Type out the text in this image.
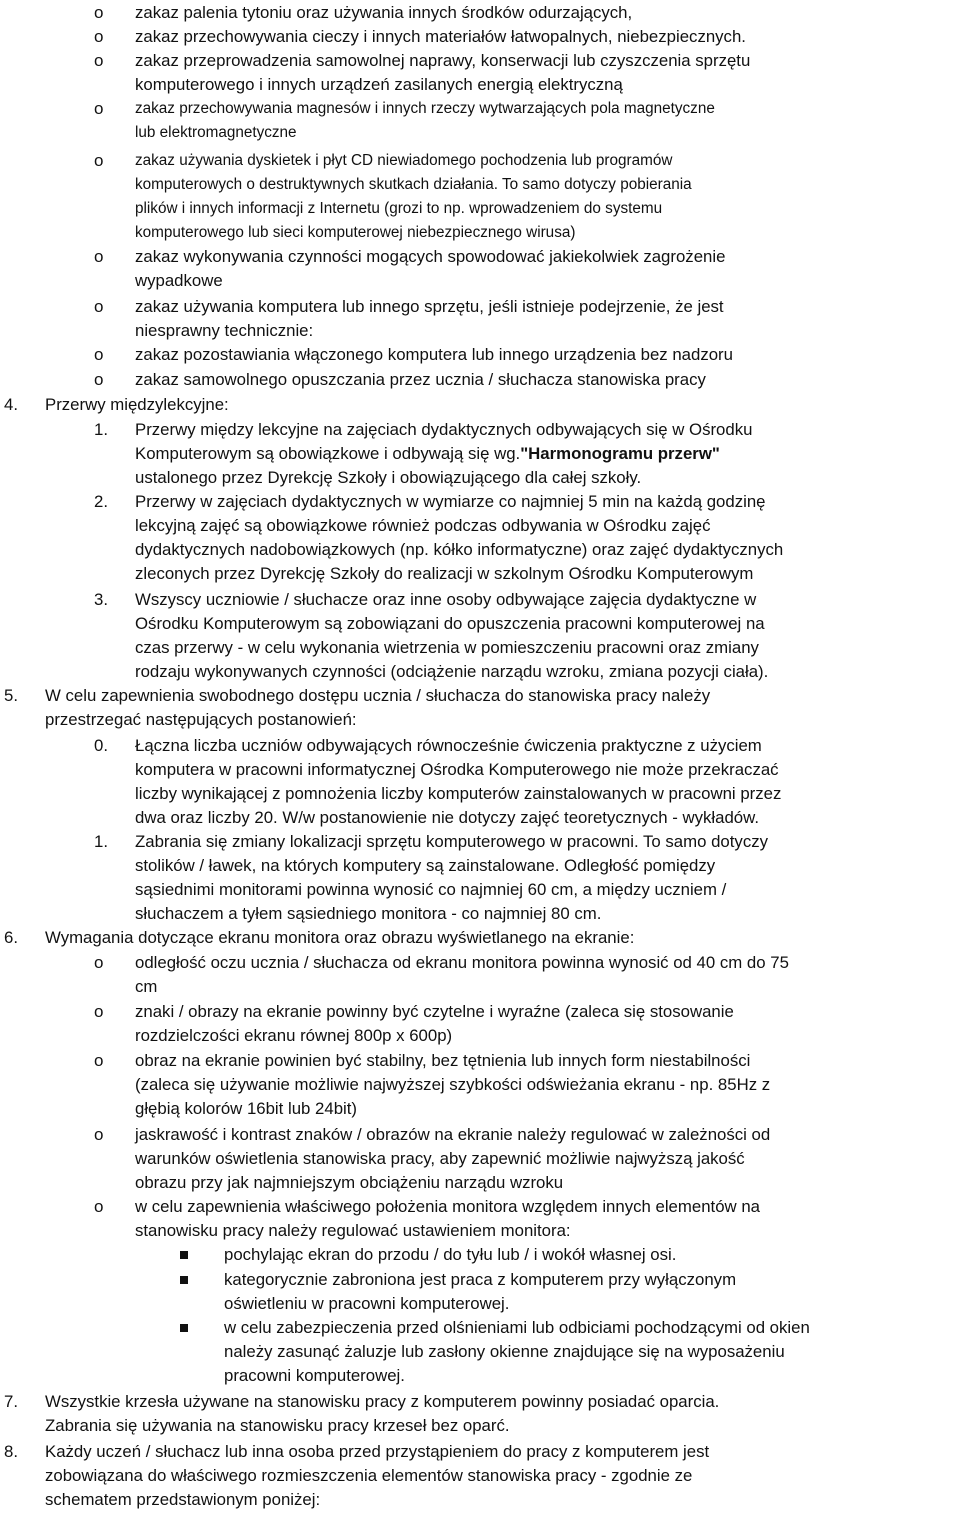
o zakaz palenia tytoniu oraz używania innych środków odurzających,
o zakaz przechowywania cieczy i innych materiałów łatwopalnych, niebezpiecznych.
o zakaz przeprowadzenia samowolnej naprawy, konserwacji lub czyszczenia sprzętu
komputerowego i innych urządzeń zasilanych energią elektryczną
o zakaz przechowywania magnesów i innych rzeczy wytwarzających pola magnetyczne
lub elektromagnetyczne
o zakaz używania dyskietek i płyt CD niewiadomego pochodzenia lub programów
komputerowych o destruktywnych skutkach działania. To samo dotyczy pobierania
plików i innych informacji z Internetu (grozi to np. wprowadzeniem do systemu
komputerowego lub sieci komputerowej niebezpiecznego wirusa)
o zakaz wykonywania czynności mogących spowodować jakiekolwiek zagrożenie
wypadkowe
o zakaz używania komputera lub innego sprzętu, jeśli istnieje podejrzenie, że jest
niesprawny technicznie:
o zakaz pozostawiania włączonego komputera lub innego urządzenia bez nadzoru
o zakaz samowolnego opuszczania przez ucznia / słuchacza stanowiska pracy
4. Przerwy międzylekcyjne:
1. Przerwy między lekcyjne na zajęciach dydaktycznych odbywających się w Ośrodku
Komputerowym są obowiązkowe i odbywają się wg."Harmonogramu przerw"
ustalonego przez Dyrekcję Szkoły i obowiązującego dla całej szkoły.
2. Przerwy w zajęciach dydaktycznych w wymiarze co najmniej 5 min na każdą godzinę
lekcyjną zajęć są obowiązkowe również podczas odbywania w Ośrodku zajęć
dydaktycznych nadobowiązkowych (np. kółko informatyczne) oraz zajęć dydaktycznych
zleconych przez Dyrekcję Szkoły do realizacji w szkolnym Ośrodku Komputerowym
3. Wszyscy uczniowie / słuchacze oraz inne osoby odbywające zajęcia dydaktyczne w
Ośrodku Komputerowym są zobowiązani do opuszczenia pracowni komputerowej na
czas przerwy - w celu wykonania wietrzenia w pomieszczeniu pracowni oraz zmiany
rodzaju wykonywanych czynności (odciążenie narządu wzroku, zmiana pozycji ciała).
5. W celu zapewnienia swobodnego dostępu ucznia / słuchacza do stanowiska pracy należy
przestrzegać następujących postanowień:
0. Łączna liczba uczniów odbywających równocześnie ćwiczenia praktyczne z użyciem
komputera w pracowni informatycznej Ośrodka Komputerowego nie może przekraczać
liczby wynikającej z pomnożenia liczby komputerów zainstalowanych w pracowni przez
dwa oraz liczby 20. W/w postanowienie nie dotyczy zajęć teoretycznych - wykładów.
1. Zabrania się zmiany lokalizacji sprzętu komputerowego w pracowni. To samo dotyczy
stolików / ławek, na których komputery są zainstalowane. Odległość pomiędzy
sąsiednimi monitorami powinna wynosić co najmniej 60 cm, a między uczniem /
słuchaczem a tyłem sąsiedniego monitora - co najmniej 80 cm.
6. Wymagania dotyczące ekranu monitora oraz obrazu wyświetlanego na ekranie:
o odległość oczu ucznia / słuchacza od ekranu monitora powinna wynosić od 40 cm do 75
cm
o znaki / obrazy na ekranie powinny być czytelne i wyraźne (zaleca się stosowanie
rozdzielczości ekranu równej 800p x 600p)
o obraz na ekranie powinien być stabilny, bez tętnienia lub innych form niestabilności
(zaleca się używanie możliwie najwyższej szybkości odświeżania ekranu - np. 85Hz z
głębią kolorów 16bit lub 24bit)
o jaskrawość i kontrast znaków / obrazów na ekranie należy regulować w zależności od
warunków oświetlenia stanowiska pracy, aby zapewnić możliwie najwyższą jakość
obrazu przy jak najmniejszym obciążeniu narządu wzroku
o w celu zapewnienia właściwego położenia monitora względem innych elementów na
stanowisku pracy należy regulować ustawieniem monitora:
pochylając ekran do przodu / do tyłu lub / i wokół własnej osi.
kategorycznie zabroniona jest praca z komputerem przy wyłączonym
oświetleniu w pracowni komputerowej.
w celu zabezpieczenia przed olśnieniami lub odbiciami pochodzącymi od okien
należy zasunąć żaluzje lub zasłony okienne znajdujące się na wyposażeniu
pracowni komputerowej.
7. Wszystkie krzesła używane na stanowisku pracy z komputerem powinny posiadać oparcia.
Zabrania się używania na stanowisku pracy krzeseł bez oparć.
8. Każdy uczeń / słuchacz lub inna osoba przed przystąpieniem do pracy z komputerem jest
zobowiązana do właściwego rozmieszczenia elementów stanowiska pracy - zgodnie ze
schematem przedstawionym poniżej:
